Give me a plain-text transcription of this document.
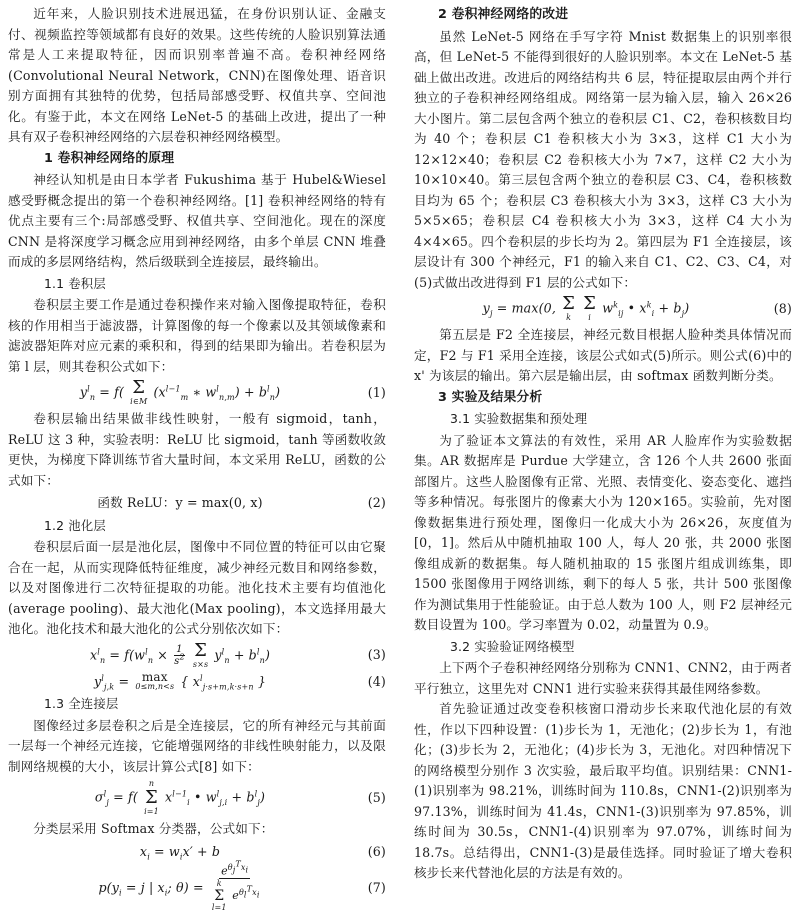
近年来，人脸识别技术进展迅猛，在身份识别认证、金融支付、视频监控等领域都有良好的效果。这些传统的人脸识别算法通常是人工来提取特征，因而识别率普遍不高。卷积神经网络(Convolutional Neural Network，CNN)在图像处理、语音识别方面拥有其独特的优势，包括局部感受野、权值共享、空间池化。有鉴于此，本文在网络 LeNet-5 的基础上改进，提出了一种具有双子卷积神经网络的六层卷积神经网络模型。

1 卷积神经网络的原理

神经认知机是由日本学者 Fukushima 基于 Hubel&Wiesel 感受野概念提出的第一个卷积神经网络。[1] 卷积神经网络的特有优点主要有三个:局部感受野、权值共享、空间池化。现在的深度 CNN 是将深度学习概念应用到神经网络，由多个单层 CNN 堆叠而成的多层网络结构，然后级联到全连接层，最终输出。

1.1 卷积层

卷积层主要工作是通过卷积操作来对输入图像提取特征，卷积核的作用相当于滤波器，计算图像的每一个像素以及其领域像素和滤波器矩阵对应元素的乘积和，得到的结果即为输出。若卷积层为第 l 层，则其卷积公式如下：

$y^l_n = f$( Σ
i∈M
($x^{l-1}_m$ ∗ $w^l_{n,m}) + b^l_n$)	(1)

卷积层输出结果做非线性映射，一般有 sigmoid，tanh，ReLU 这 3 种，实验表明：ReLU 比 sigmoid，tanh 等函数收敛更快，为梯度下降训练节省大量时间，本文采用 ReLU，函数的公式如下：

函数 ReLU：y = max(0, x)	(2)
1.2 池化层

卷积层后面一层是池化层，图像中不同位置的特征可以由它聚合在一起，从而实现降低特征维度，减少神经元数目和网络参数，以及对图像进行二次特征提取的功能。池化技术主要有均值池化(average pooling)、最大池化(Max pooling)，本文选择用最大池化。池化技术和最大池化的公式分别依次如下：

$x^l_n = f(w^l_n \times \frac{1}{s^2}$
Σ
s×s
$y^l_n + b^l_n$)	(3)
$y^l_{j,k} = \max$
0≤m,n<s { $x^l_{j\cdot s+m,k\cdot s+n}$ }	(4)
1.3 全连接层

图像经过多层卷积之后是全连接层，它的所有神经元与其前面一层每一个神经元连接，它能增强网络的非线性映射能力，以及限制网络规模的大小，该层计算公式[8] 如下：

$\sigma^l_j = f$(
n
Σ
i=1
$x^{l-1}_i$ • $w^l_{j,i} + b^l_j$)	(5)

分类层采用 Softmax 分类器，公式如下：

$x_i = w_ix' + b$	(6)
$p(y_i = j$ | $x_i$; $\theta) = e^{\theta_j^Tx_i}$
k
Σ
l=1
$e^{\theta_l^Tx_i}$	(7)
2 卷积神经网络的改进

虽然 LeNet-5 网络在手写字符 Mnist 数据集上的识别率很高，但 LeNet-5 不能得到很好的人脸识别率。本文在 LeNet-5 基础上做出改进。改进后的网络结构共 6 层，特征提取层由两个并行独立的子卷积神经网络组成。网络第一层为输入层，输入 26×26 大小图片。第二层包含两个独立的卷积层 C1、C2，卷积核数目均为 40 个；卷积层 C1 卷积核大小为 3×3，这样 C1 大小为 12×12×40；卷积层 C2 卷积核大小为 7×7，这样 C2 大小为 10×10×40。第三层包含两个独立的卷积层 C3、C4，卷积核数目均为 65 个；卷积层 C3 卷积核大小为 3×3，这样 C3 大小为 5×5×65；卷积层 C4 卷积核大小为 3×3，这样 C4 大小为 4×4×65。四个卷积层的步长均为 2。第四层为 F1 全连接层，该层设计有 300 个神经元，F1 的输入来自 C1、C2、C3、C4，对(5)式做出改进得到 F1 层的公式如下：

$y_j = \max(0$, Σ
k

Σ
i
$w^k_{ij}$ • $x^k_i + b_j$)	(8)

第五层是 F2 全连接层，神经元数目根据人脸种类具体情况而定，F2 与 F1 采用全连接，该层公式如式(5)所示。则公式(6)中的 x' 为该层的输出。第六层是输出层，由 softmax 函数判断分类。

3 实验及结果分析
3.1 实验数据集和预处理

为了验证本文算法的有效性，采用 AR 人脸库作为实验数据集。AR 数据库是 Purdue 大学建立，含 126 个人共 2600 张面部图片。这些人脸图像有正常、光照、表情变化、姿态变化、遮挡等多种情况。每张图片的像素大小为 120×165。实验前，先对图像数据集进行预处理，图像归一化成大小为 26×26，灰度值为[0，1]。然后从中随机抽取 100 人，每人 20 张，共 2000 张图像组成新的数据集。每人随机抽取的 15 张图片组成训练集，即 1500 张图像用于网络训练，剩下的每人 5 张，共计 500 张图像作为测试集用于性能验证。由于总人数为 100 人，则 F2 层神经元数目设置为 100。学习率置为 0.02，动量置为 0.9。

3.2 实验验证网络模型

上下两个子卷积神经网络分别称为 CNN1、CNN2，由于两者平行独立，这里先对 CNN1 进行实验来获得其最佳网络参数。

首先验证通过改变卷积核窗口滑动步长来取代池化层的有效性，作以下四种设置：(1)步长为 1，无池化；(2)步长为 1，有池化；(3)步长为 2，无池化；(4)步长为 3，无池化。对四种情况下的网络模型分别作 3 次实验，最后取平均值。识别结果：CNN1-(1)识别率为 98.21%，训练时间为 110.8s，CNN1-(2)识别率为 97.13%，训练时间为 41.4s，CNN1-(3)识别率为 97.85%，训练时间为 30.5s，CNN1-(4)识别率为 97.07%，训练时间为 18.7s。总结得出，CNN1-(3)是最佳选择。同时验证了增大卷积核步长来代替池化层的方法是有效的。
